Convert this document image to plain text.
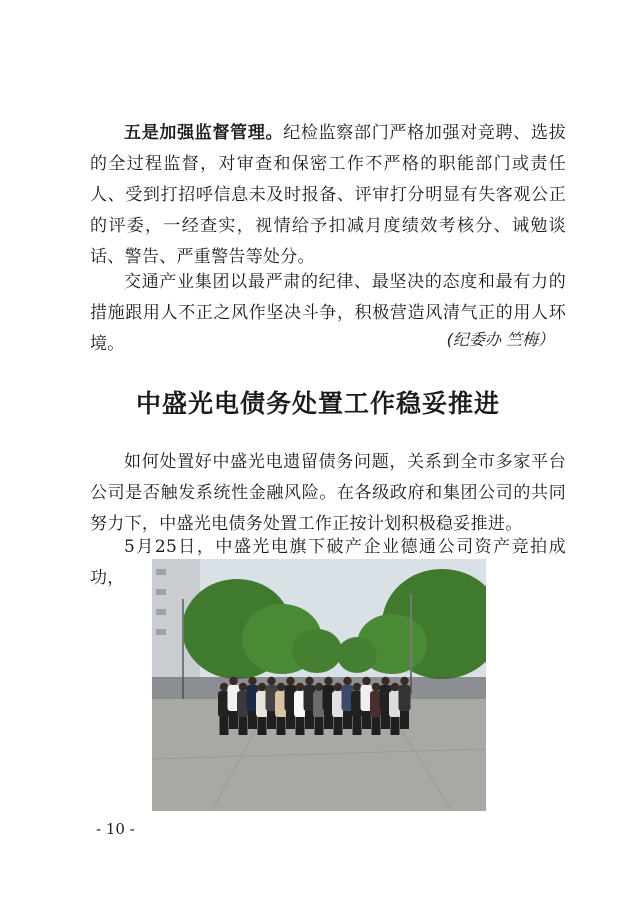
五是加强监督管理。纪检监察部门严格加强对竞聘、选拔的全过程监督，对审查和保密工作不严格的职能部门或责任人、受到打招呼信息未及时报备、评审打分明显有失客观公正的评委，一经查实，视情给予扣减月度绩效考核分、诫勉谈话、警告、严重警告等处分。

交通产业集团以最严肃的纪律、最坚决的态度和最有力的措施跟用人不正之风作坚决斗争，积极营造风清气正的用人环境。	(纪委办 竺梅）
中盛光电债务处置工作稳妥推进

如何处置好中盛光电遗留债务问题，关系到全市多家平台公司是否触发系统性金融风险。在各级政府和集团公司的共同努力下，中盛光电债务处置工作正按计划积极稳妥推进。

5月25日，中盛光电旗下破产企业德通公司资产竞拍成功，

- 10 -
